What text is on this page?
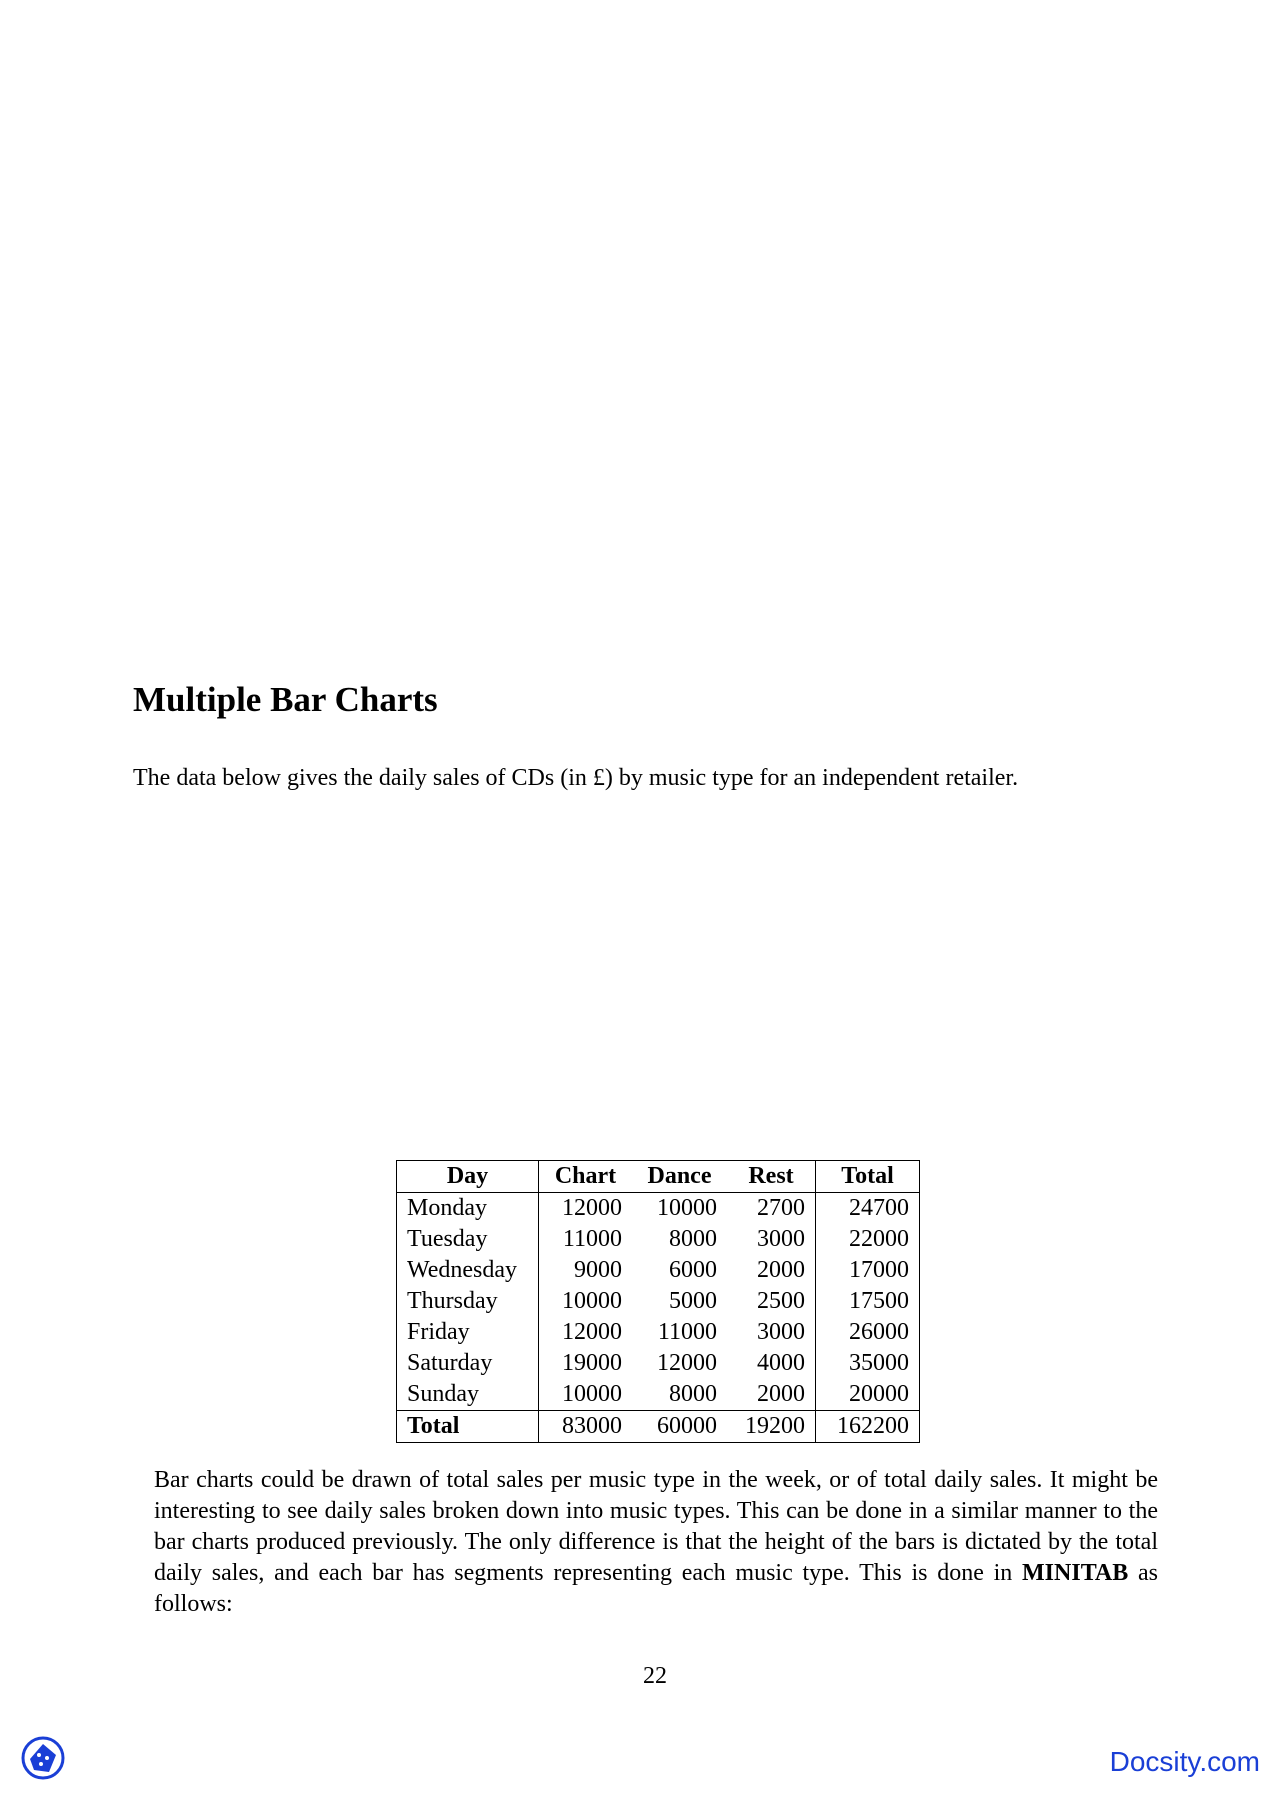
Multiple Bar Charts

The data below gives the daily sales of CDs (in £) by music type for an independent retailer.

Day	Chart	Dance	Rest	Total
Monday	12000	10000	2700	24700
Tuesday	11000	8000	3000	22000
Wednesday	9000	6000	2000	17000
Thursday	10000	5000	2500	17500
Friday	12000	11000	3000	26000
Saturday	19000	12000	4000	35000
Sunday	10000	8000	2000	20000
Total	83000	60000	19200	162200

Bar charts could be drawn of total sales per music type in the week, or of total daily sales. It might be interesting to see daily sales broken down into music types. This can be done in a similar manner to the bar charts produced previously. The only difference is that the height of the bars is dictated by the total daily sales, and each bar has segments representing each music type. This is done in MINITAB as follows:

22
Docsity.com
